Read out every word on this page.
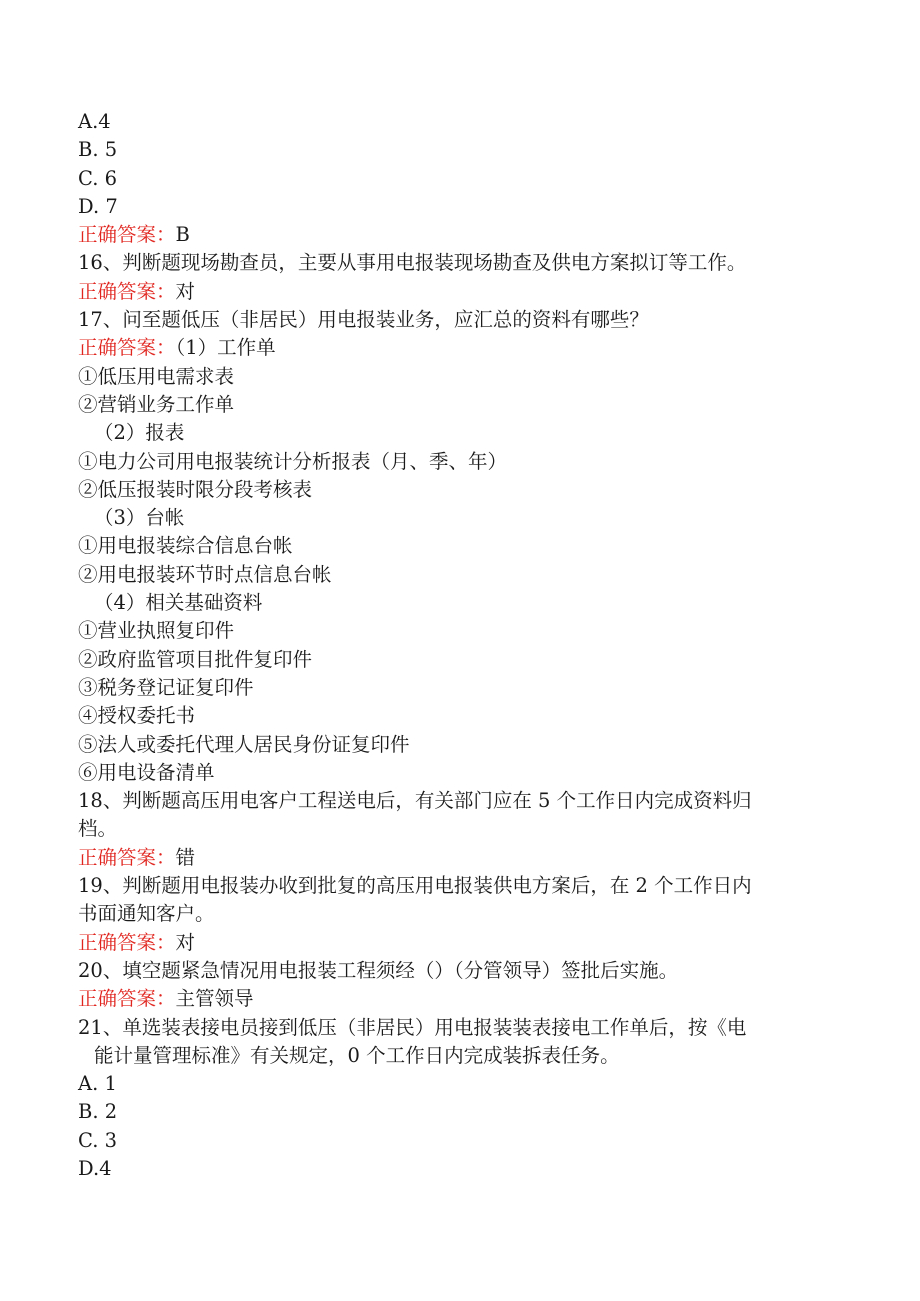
A.4
B. 5
C. 6
D. 7
正确答案：B
16、判断题现场勘查员，主要从事用电报装现场勘查及供电方案拟订等工作。
正确答案：对
17、问至题低压（非居民）用电报装业务，应汇总的资料有哪些？
正确答案：（1）工作单
①低压用电需求表
②营销业务工作单
（2）报表
①电力公司用电报装统计分析报表（月、季、年）
②低压报装时限分段考核表
（3）台帐
①用电报装综合信息台帐
②用电报装环节时点信息台帐
（4）相关基础资料
①营业执照复印件
②政府监管项目批件复印件
③税务登记证复印件
④授权委托书
⑤法人或委托代理人居民身份证复印件
⑥用电设备清单
18、判断题高压用电客户工程送电后，有关部门应在 5 个工作日内完成资料归
档。
正确答案：错
19、判断题用电报装办收到批复的高压用电报装供电方案后，在 2 个工作日内
书面通知客户。
正确答案：对
20、填空题紧急情况用电报装工程须经（）（分管领导）签批后实施。
正确答案：主管领导
21、单选装表接电员接到低压（非居民）用电报装装表接电工作单后，按《电
能计量管理标准》有关规定，0 个工作日内完成装拆表任务。
A. 1
B. 2
C. 3
D.4
